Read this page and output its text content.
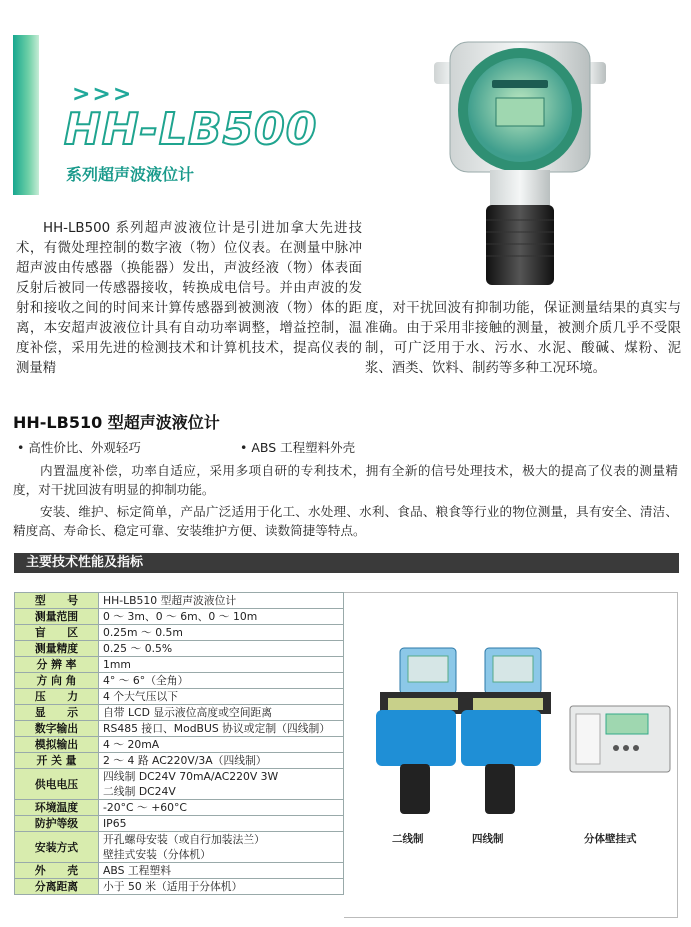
>>>
HH-LB500
系列超声波液位计
HH-LB500 系列超声波液位计是引进加拿大先进技术，有微处理控制的数字液（物）位仪表。在测量中脉冲超声波由传感器（换能器）发出，声波经液（物）体表面反射后被同一传感器接收，转换成电信号。并由声波的发射和接收之间的时间来计算传感器到被测液（物）体的距离，本安超声波液位计具有自动功率调整，增益控制，温度补偿，采用先进的检测技术和计算机技术，提高仪表的测量精
度，对干扰回波有抑制功能，保证测量结果的真实与准确。由于采用非接触的测量，被测介质几乎不受限制，可广泛用于水、污水、水泥、酸碱、煤粉、泥浆、酒类、饮料、制药等多种工况环境。
HH-LB510 型超声波液位计
• 高性价比、外观轻巧	• ABS 工程塑料外壳
内置温度补偿，功率自适应，采用多项自研的专利技术，拥有全新的信号处理技术，极大的提高了仪表的测量精度，对干扰回波有明显的抑制功能。
安装、维护、标定简单，产品广泛适用于化工、水处理、水利、食品、粮食等行业的物位测量，具有安全、清洁、精度高、寿命长、稳定可靠、安装维护方便、读数简捷等特点。
主要技术性能及指标
型　　号	HH-LB510 型超声波液位计

测量范围	0 ～ 3m、0 ～ 6m、0 ～ 10m

盲　　区	0.25m ～ 0.5m

测量精度	0.25 ～ 0.5%

分 辨 率	1mm

方 向 角	4° ～ 6°（全角）

压　　力	4 个大气压以下

显　　示	自带 LCD 显示液位高度或空间距离

数字输出	RS485 接口、ModBUS 协议或定制（四线制）

模拟输出	4 ～ 20mA

开 关 量	2 ～ 4 路 AC220V/3A（四线制）

供电电压	四线制 DC24V 70mA/AC220V 3W
二线制 DC24V

环境温度	-20°C ～ +60°C

防护等级	IP65

安装方式	开孔螺母安装（或自行加装法兰）
壁挂式安装（分体机）

外　　壳	ABS 工程塑料

分离距离	小于 50 米（适用于分体机）
二线制	四线制	分体壁挂式
